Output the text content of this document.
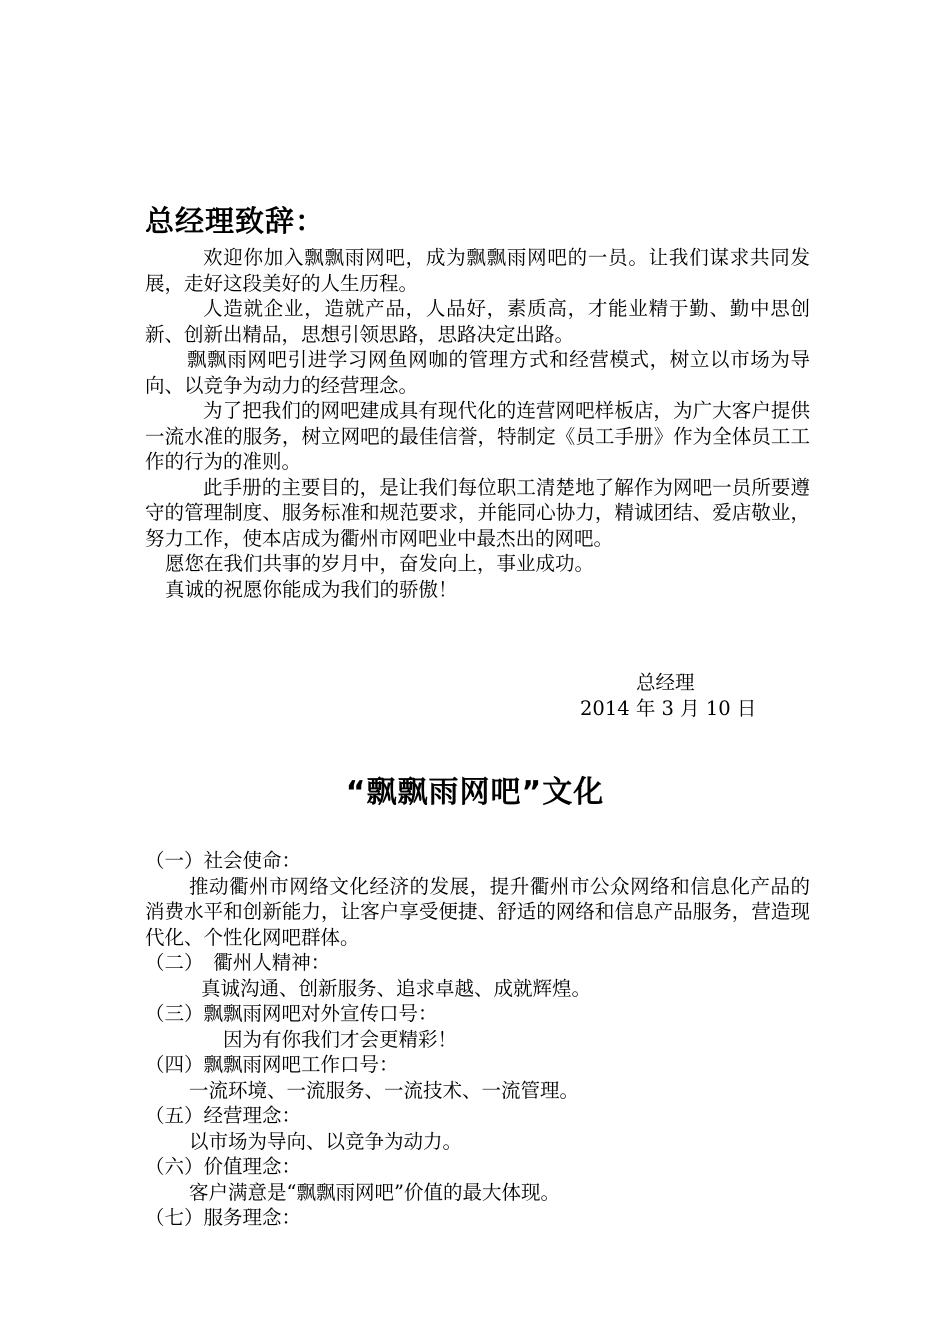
总经理致辞：

欢迎你加入飘飘雨网吧，成为飘飘雨网吧的一员。让我们谋求共同发展，走好这段美好的人生历程。

人造就企业，造就产品，人品好，素质高，才能业精于勤、勤中思创新、创新出精品，思想引领思路，思路决定出路。

飘飘雨网吧引进学习网鱼网咖的管理方式和经营模式，树立以市场为导向、以竞争为动力的经营理念。

为了把我们的网吧建成具有现代化的连营网吧样板店，为广大客户提供一流水准的服务，树立网吧的最佳信誉，特制定《员工手册》作为全体员工工作的行为的准则。

此手册的主要目的，是让我们每位职工清楚地了解作为网吧一员所要遵守的管理制度、服务标准和规范要求，并能同心协力，精诚团结、爱店敬业，努力工作，使本店成为衢州市网吧业中最杰出的网吧。

愿您在我们共事的岁月中，奋发向上，事业成功。

真诚的祝愿你能成为我们的骄傲！

总经理
2014 年 3 月 10 日
“飘飘雨网吧”文化

（一）社会使命：

推动衢州市网络文化经济的发展，提升衢州市公众网络和信息化产品的消费水平和创新能力，让客户享受便捷、舒适的网络和信息产品服务，营造现代化、个性化网吧群体。

（二）　衢州人精神：

真诚沟通、创新服务、追求卓越、成就辉煌。

（三）飘飘雨网吧对外宣传口号：

因为有你我们才会更精彩！

（四）飘飘雨网吧工作口号：

一流环境、一流服务、一流技术、一流管理。

（五）经营理念：

以市场为导向、以竞争为动力。

（六）价值理念：

客户满意是“飘飘雨网吧”价值的最大体现。

（七）服务理念：
